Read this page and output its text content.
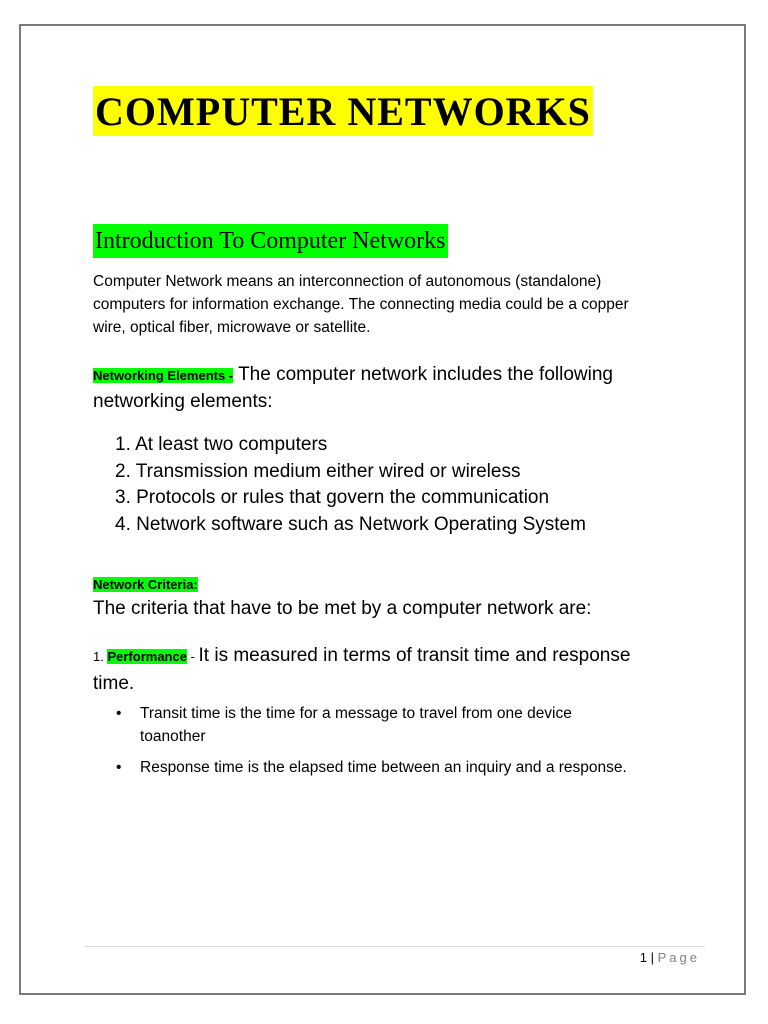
COMPUTER NETWORKS
Introduction To Computer Networks

Computer Network means an interconnection of autonomous (standalone) computers for information exchange. The connecting media could be a copper wire, optical fiber, microwave or satellite.

Networking Elements - The computer network includes the following networking elements:

1. At least two computers
2. Transmission medium either wired or wireless
3. Protocols or rules that govern the communication
4. Network software such as Network Operating System

Network Criteria:

The criteria that have to be met by a computer network are:

1. Performance - It is measured in terms of transit time and response time.

• Transit time is the time for a message to travel from one device toanother
• Response time is the elapsed time between an inquiry and a response.
1 | Page
